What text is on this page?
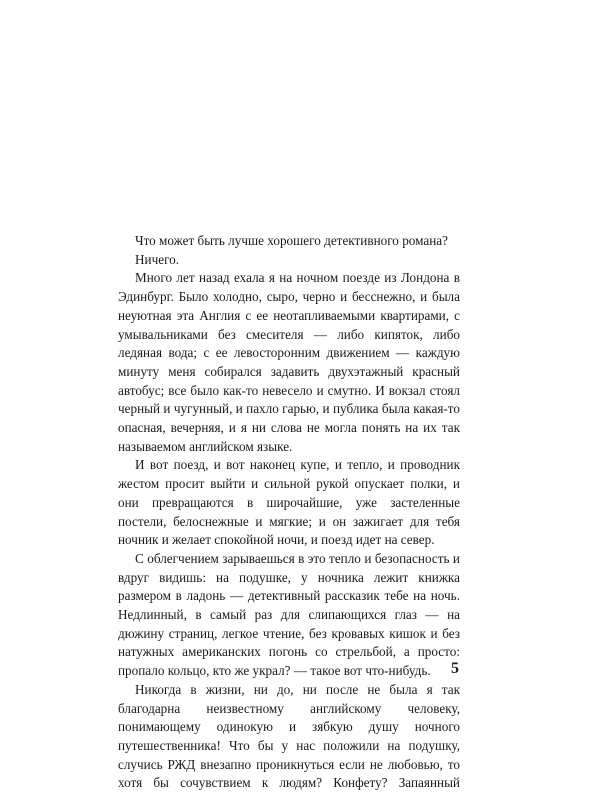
Что может быть лучше хорошего детективного романа?

Ничего.

Много лет назад ехала я на ночном поезде из Лондона в Эдинбург. Было холодно, сыро, черно и бесснежно, и была неуютная эта Англия с ее неотапливаемыми квартирами, с умывальниками без смесителя — либо кипяток, либо ледяная вода; с ее левосторонним движением — каждую минуту меня собирался задавить двухэтажный красный автобус; все было как-то невесело и смутно. И вокзал стоял черный и чугунный, и пахло гарью, и публика была какая-то опасная, вечерняя, и я ни слова не могла понять на их так называемом английском языке.

И вот поезд, и вот наконец купе, и тепло, и проводник жестом просит выйти и сильной рукой опускает полки, и они превращаются в широчайшие, уже застеленные постели, белоснежные и мягкие; и он зажигает для тебя ночник и желает спокойной ночи, и поезд идет на север.

С облегчением зарываешься в это тепло и безопасность и вдруг видишь: на подушке, у ночника лежит книжка размером в ладонь — детективный рассказик тебе на ночь. Недлинный, в самый раз для слипающихся глаз — на дюжину страниц, легкое чтение, без кровавых кишок и без натужных американских погонь со стрельбой, а просто: пропало кольцо, кто же украл? — такое вот что-нибудь.

Никогда в жизни, ни до, ни после не была я так благодарна неизвестному английскому человеку, понимающему одинокую и зябкую душу ночного путешественника! Что бы у нас положили на подушку, случись РЖД внезапно проникнуться если не любовью, то хотя бы сочувствием к людям? Конфету? Запаянный

5
